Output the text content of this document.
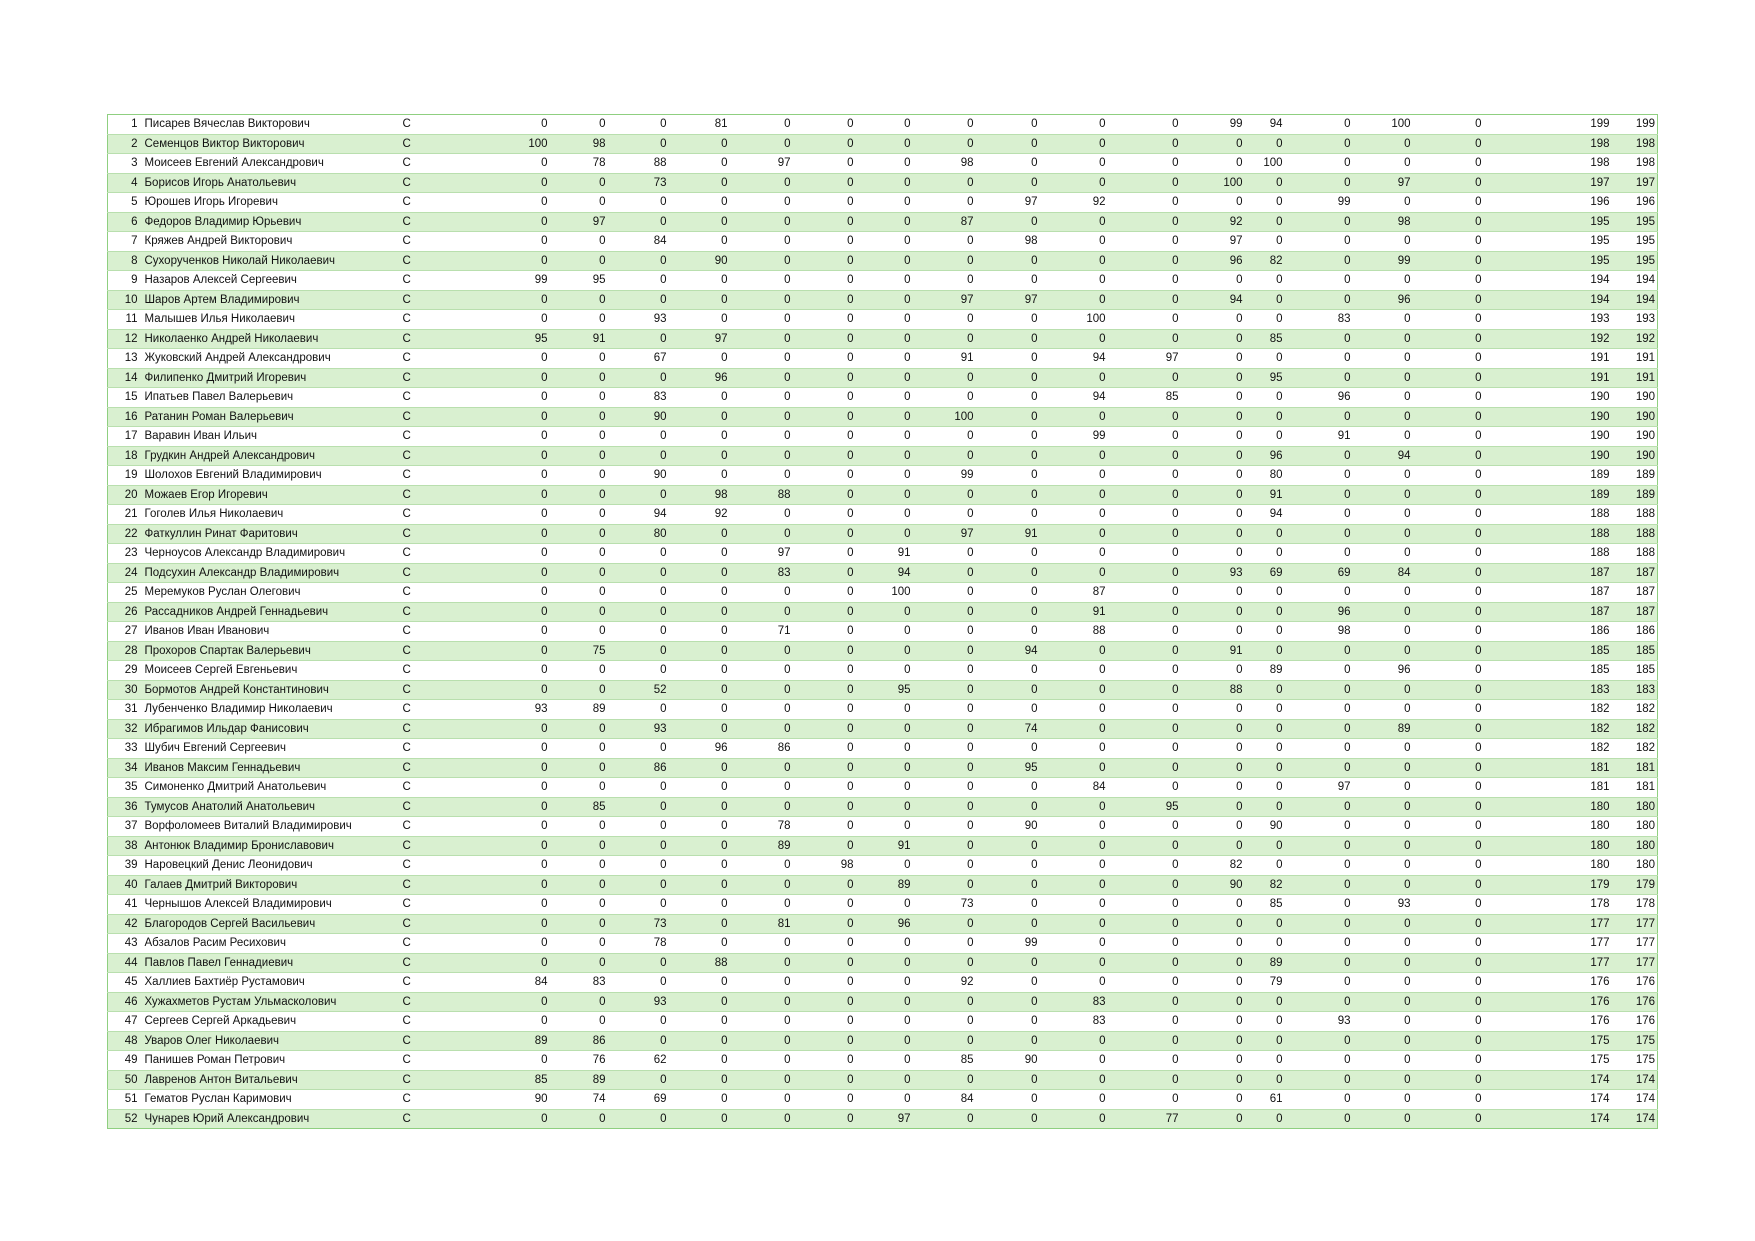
1	Писарев Вячеслав Викторович	С	0	0	0	81	0	0	0	0	0	0	0	99	94	0	100	0	199	199
2	Семенцов Виктор Викторович	С	100	98	0	0	0	0	0	0	0	0	0	0	0	0	0	0	198	198
3	Моисеев Евгений Александрович	С	0	78	88	0	97	0	0	98	0	0	0	0	100	0	0	0	198	198
4	Борисов Игорь Анатольевич	С	0	0	73	0	0	0	0	0	0	0	0	100	0	0	97	0	197	197
5	Юрошев Игорь Игоревич	С	0	0	0	0	0	0	0	0	97	92	0	0	0	99	0	0	196	196
6	Федоров Владимир Юрьевич	С	0	97	0	0	0	0	0	87	0	0	0	92	0	0	98	0	195	195
7	Кряжев Андрей Викторович	С	0	0	84	0	0	0	0	0	98	0	0	97	0	0	0	0	195	195
8	Сухорученков Николай Николаевич	С	0	0	0	90	0	0	0	0	0	0	0	96	82	0	99	0	195	195
9	Назаров Алексей Сергеевич	С	99	95	0	0	0	0	0	0	0	0	0	0	0	0	0	0	194	194
10	Шаров Артем Владимирович	С	0	0	0	0	0	0	0	97	97	0	0	94	0	0	96	0	194	194
11	Малышев Илья Николаевич	С	0	0	93	0	0	0	0	0	0	100	0	0	0	83	0	0	193	193
12	Николаенко Андрей Николаевич	С	95	91	0	97	0	0	0	0	0	0	0	0	85	0	0	0	192	192
13	Жуковский Андрей Александрович	С	0	0	67	0	0	0	0	91	0	94	97	0	0	0	0	0	191	191
14	Филипенко Дмитрий Игоревич	С	0	0	0	96	0	0	0	0	0	0	0	0	95	0	0	0	191	191
15	Ипатьев Павел Валерьевич	С	0	0	83	0	0	0	0	0	0	94	85	0	0	96	0	0	190	190
16	Ратанин Роман Валерьевич	С	0	0	90	0	0	0	0	100	0	0	0	0	0	0	0	0	190	190
17	Варавин Иван Ильич	С	0	0	0	0	0	0	0	0	0	99	0	0	0	91	0	0	190	190
18	Грудкин Андрей Александрович	С	0	0	0	0	0	0	0	0	0	0	0	0	96	0	94	0	190	190
19	Шолохов Евгений Владимирович	С	0	0	90	0	0	0	0	99	0	0	0	0	80	0	0	0	189	189
20	Можаев Егор Игоревич	С	0	0	0	98	88	0	0	0	0	0	0	0	91	0	0	0	189	189
21	Гоголев Илья Николаевич	С	0	0	94	92	0	0	0	0	0	0	0	0	94	0	0	0	188	188
22	Фаткуллин Ринат Фаритович	С	0	0	80	0	0	0	0	97	91	0	0	0	0	0	0	0	188	188
23	Черноусов Александр Владимирович	С	0	0	0	0	97	0	91	0	0	0	0	0	0	0	0	0	188	188
24	Подсухин Александр Владимирович	С	0	0	0	0	83	0	94	0	0	0	0	93	69	69	84	0	187	187
25	Меремуков Руслан Олегович	С	0	0	0	0	0	0	100	0	0	87	0	0	0	0	0	0	187	187
26	Рассадников Андрей Геннадьевич	С	0	0	0	0	0	0	0	0	0	91	0	0	0	96	0	0	187	187
27	Иванов Иван Иванович	С	0	0	0	0	71	0	0	0	0	88	0	0	0	98	0	0	186	186
28	Прохоров Спартак Валерьевич	С	0	75	0	0	0	0	0	0	94	0	0	91	0	0	0	0	185	185
29	Моисеев Сергей Евгеньевич	С	0	0	0	0	0	0	0	0	0	0	0	0	89	0	96	0	185	185
30	Бормотов Андрей Константинович	С	0	0	52	0	0	0	95	0	0	0	0	88	0	0	0	0	183	183
31	Лубенченко Владимир Николаевич	С	93	89	0	0	0	0	0	0	0	0	0	0	0	0	0	0	182	182
32	Ибрагимов Ильдар Фанисович	С	0	0	93	0	0	0	0	0	74	0	0	0	0	0	89	0	182	182
33	Шубич Евгений Сергеевич	С	0	0	0	96	86	0	0	0	0	0	0	0	0	0	0	0	182	182
34	Иванов Максим Геннадьевич	С	0	0	86	0	0	0	0	0	95	0	0	0	0	0	0	0	181	181
35	Симоненко Дмитрий Анатольевич	С	0	0	0	0	0	0	0	0	0	84	0	0	0	97	0	0	181	181
36	Тумусов Анатолий Анатольевич	С	0	85	0	0	0	0	0	0	0	0	95	0	0	0	0	0	180	180
37	Ворфоломеев Виталий Владимирович	С	0	0	0	0	78	0	0	0	90	0	0	0	90	0	0	0	180	180
38	Антонюк Владимир Брониславович	С	0	0	0	0	89	0	91	0	0	0	0	0	0	0	0	0	180	180
39	Наровецкий Денис Леонидович	С	0	0	0	0	0	98	0	0	0	0	0	82	0	0	0	0	180	180
40	Галаев Дмитрий Викторович	С	0	0	0	0	0	0	89	0	0	0	0	90	82	0	0	0	179	179
41	Чернышов Алексей Владимирович	С	0	0	0	0	0	0	0	73	0	0	0	0	85	0	93	0	178	178
42	Благородов Сергей Васильевич	С	0	0	73	0	81	0	96	0	0	0	0	0	0	0	0	0	177	177
43	Абзалов Расим Ресихович	С	0	0	78	0	0	0	0	0	99	0	0	0	0	0	0	0	177	177
44	Павлов Павел Геннадиевич	С	0	0	0	88	0	0	0	0	0	0	0	0	89	0	0	0	177	177
45	Халлиев Бахтиёр Рустамович	С	84	83	0	0	0	0	0	92	0	0	0	0	79	0	0	0	176	176
46	Хужахметов Рустам Ульмасколович	С	0	0	93	0	0	0	0	0	0	83	0	0	0	0	0	0	176	176
47	Сергеев Сергей Аркадьевич	С	0	0	0	0	0	0	0	0	0	83	0	0	0	93	0	0	176	176
48	Уваров Олег Николаевич	С	89	86	0	0	0	0	0	0	0	0	0	0	0	0	0	0	175	175
49	Панишев Роман Петрович	С	0	76	62	0	0	0	0	85	90	0	0	0	0	0	0	0	175	175
50	Лавренов Антон Витальевич	С	85	89	0	0	0	0	0	0	0	0	0	0	0	0	0	0	174	174
51	Гематов Руслан Каримович	С	90	74	69	0	0	0	0	84	0	0	0	0	61	0	0	0	174	174
52	Чунарев Юрий Александрович	С	0	0	0	0	0	0	97	0	0	0	77	0	0	0	0	0	174	174
